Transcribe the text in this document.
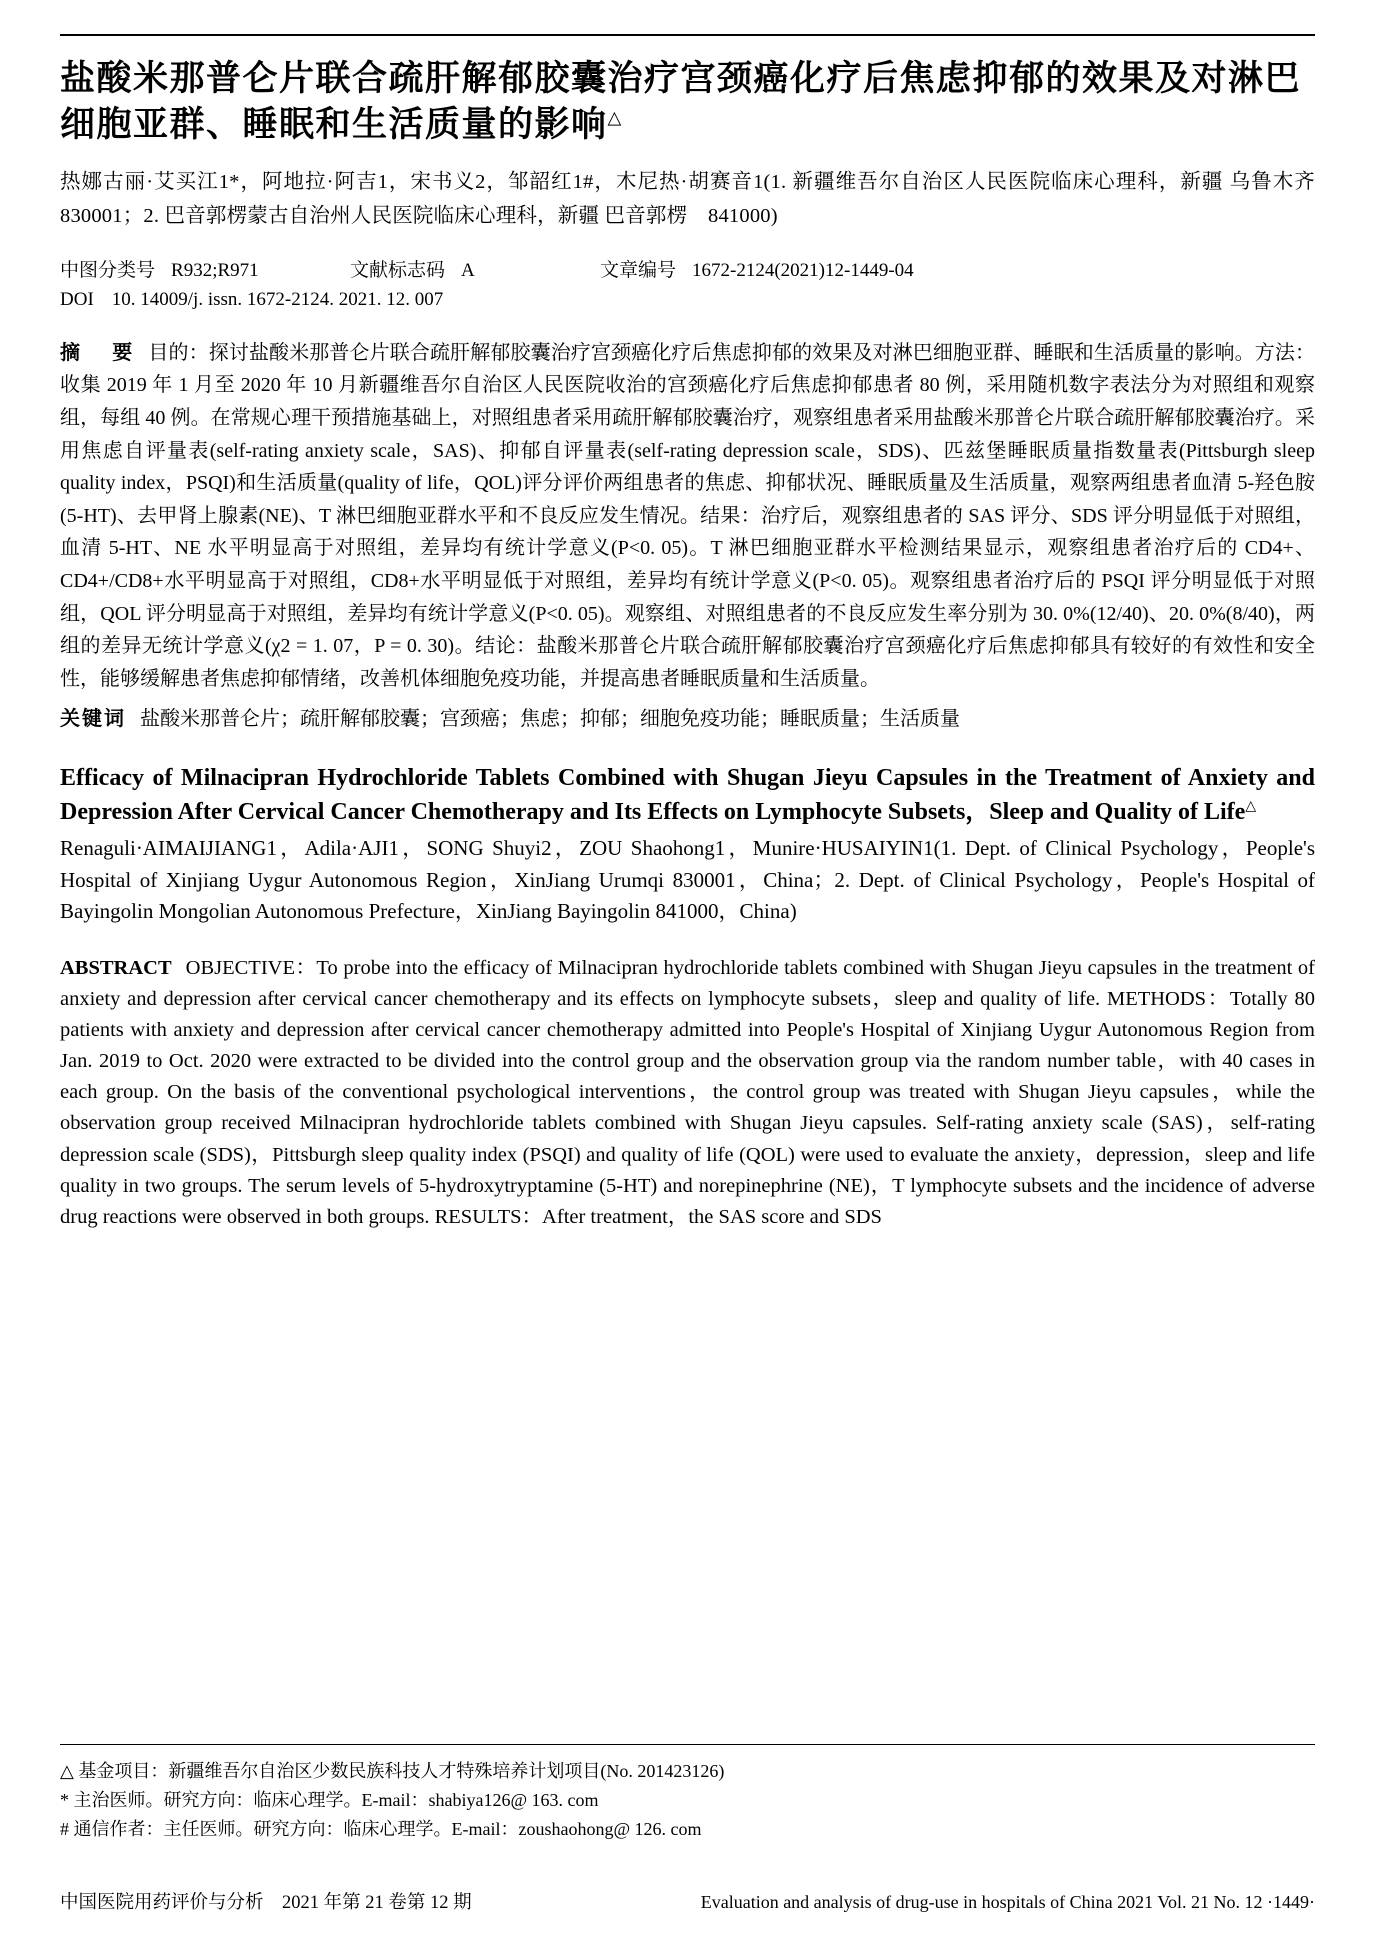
盐酸米那普仑片联合疏肝解郁胶囊治疗宫颈癌化疗后焦虑抑郁的效果及对淋巴细胞亚群、睡眠和生活质量的影响△
热娜古丽·艾买江1*，阿地拉·阿吉1，宋书义2，邹韶红1#，木尼热·胡赛音1(1. 新疆维吾尔自治区人民医院临床心理科，新疆 乌鲁木齐　830001；2. 巴音郭楞蒙古自治州人民医院临床心理科，新疆 巴音郭楞　841000)
中图分类号 R932;R971	文献标志码 A	文章编号 1672-2124(2021)12-1449-04
DOI 10. 14009/j. issn. 1672-2124. 2021. 12. 007
摘　要 目的：探讨盐酸米那普仑片联合疏肝解郁胶囊治疗宫颈癌化疗后焦虑抑郁的效果及对淋巴细胞亚群、睡眠和生活质量的影响。方法：收集 2019 年 1 月至 2020 年 10 月新疆维吾尔自治区人民医院收治的宫颈癌化疗后焦虑抑郁患者 80 例，采用随机数字表法分为对照组和观察组，每组 40 例。在常规心理干预措施基础上，对照组患者采用疏肝解郁胶囊治疗，观察组患者采用盐酸米那普仑片联合疏肝解郁胶囊治疗。采用焦虑自评量表(self-rating anxiety scale，SAS)、抑郁自评量表(self-rating depression scale，SDS)、匹兹堡睡眠质量指数量表(Pittsburgh sleep quality index，PSQI)和生活质量(quality of life，QOL)评分评价两组患者的焦虑、抑郁状况、睡眠质量及生活质量，观察两组患者血清 5-羟色胺(5-HT)、去甲肾上腺素(NE)、T 淋巴细胞亚群水平和不良反应发生情况。结果：治疗后，观察组患者的 SAS 评分、SDS 评分明显低于对照组，血清 5-HT、NE 水平明显高于对照组，差异均有统计学意义(P<0. 05)。T 淋巴细胞亚群水平检测结果显示，观察组患者治疗后的 CD4+、CD4+/CD8+水平明显高于对照组，CD8+水平明显低于对照组，差异均有统计学意义(P<0. 05)。观察组患者治疗后的 PSQI 评分明显低于对照组，QOL 评分明显高于对照组，差异均有统计学意义(P<0. 05)。观察组、对照组患者的不良反应发生率分别为 30. 0%(12/40)、20. 0%(8/40)，两组的差异无统计学意义(χ2 = 1. 07，P = 0. 30)。结论：盐酸米那普仑片联合疏肝解郁胶囊治疗宫颈癌化疗后焦虑抑郁具有较好的有效性和安全性，能够缓解患者焦虑抑郁情绪，改善机体细胞免疫功能，并提高患者睡眠质量和生活质量。
关键词 盐酸米那普仑片；疏肝解郁胶囊；宫颈癌；焦虑；抑郁；细胞免疫功能；睡眠质量；生活质量
Efficacy of Milnacipran Hydrochloride Tablets Combined with Shugan Jieyu Capsules in the Treatment of Anxiety and Depression After Cervical Cancer Chemotherapy and Its Effects on Lymphocyte Subsets，Sleep and Quality of Life△
Renaguli·AIMAIJIANG1，Adila·AJI1，SONG Shuyi2，ZOU Shaohong1，Munire·HUSAIYIN1(1. Dept. of Clinical Psychology，People's Hospital of Xinjiang Uygur Autonomous Region，XinJiang Urumqi 830001，China；2. Dept. of Clinical Psychology，People's Hospital of Bayingolin Mongolian Autonomous Prefecture，XinJiang Bayingolin 841000，China)
ABSTRACT OBJECTIVE：To probe into the efficacy of Milnacipran hydrochloride tablets combined with Shugan Jieyu capsules in the treatment of anxiety and depression after cervical cancer chemotherapy and its effects on lymphocyte subsets，sleep and quality of life. METHODS：Totally 80 patients with anxiety and depression after cervical cancer chemotherapy admitted into People's Hospital of Xinjiang Uygur Autonomous Region from Jan. 2019 to Oct. 2020 were extracted to be divided into the control group and the observation group via the random number table，with 40 cases in each group. On the basis of the conventional psychological interventions，the control group was treated with Shugan Jieyu capsules，while the observation group received Milnacipran hydrochloride tablets combined with Shugan Jieyu capsules. Self-rating anxiety scale (SAS)，self-rating depression scale (SDS)，Pittsburgh sleep quality index (PSQI) and quality of life (QOL) were used to evaluate the anxiety，depression，sleep and life quality in two groups. The serum levels of 5-hydroxytryptamine (5-HT) and norepinephrine (NE)，T lymphocyte subsets and the incidence of adverse drug reactions were observed in both groups. RESULTS：After treatment，the SAS score and SDS
△ 基金项目：新疆维吾尔自治区少数民族科技人才特殊培养计划项目(No. 201423126)
* 主治医师。研究方向：临床心理学。E-mail：shabiya126@ 163. com
# 通信作者：主任医师。研究方向：临床心理学。E-mail：zoushaohong@ 126. com
中国医院用药评价与分析　2021 年第 21 卷第 12 期	Evaluation and analysis of drug-use in hospitals of China 2021 Vol. 21 No. 12 ·1449·
